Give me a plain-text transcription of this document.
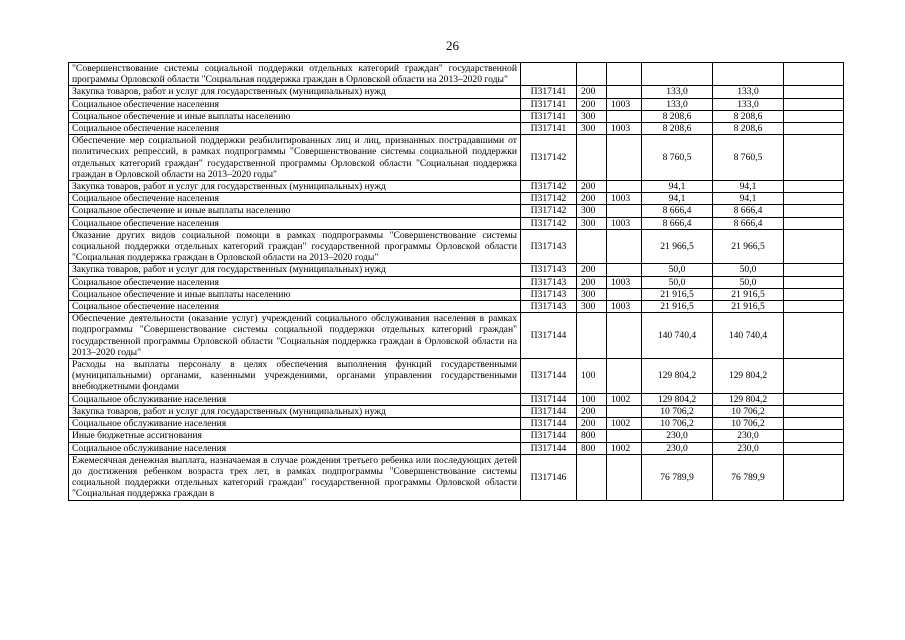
26
"Совершенствование системы социальной поддержки отдельных категорий граждан" государственной программы Орловской области "Социальная поддержка граждан в Орловской области на 2013–2020 годы"						
Закупка товаров, работ и услуг для государственных (муниципальных) нужд	П317141	200		133,0	133,0	
Социальное обеспечение населения	П317141	200	1003	133,0	133,0	
Социальное обеспечение и иные выплаты населению	П317141	300		8 208,6	8 208,6	
Социальное обеспечение населения	П317141	300	1003	8 208,6	8 208,6	
Обеспечение мер социальной поддержки реабилитированных лиц и лиц, признанных пострадавшими от политических репрессий, в рамках подпрограммы "Совершенствование системы социальной поддержки отдельных категорий граждан" государственной программы Орловской области "Социальная поддержка граждан в Орловской области на 2013–2020 годы"	П317142			8 760,5	8 760,5	
Закупка товаров, работ и услуг для государственных (муниципальных) нужд	П317142	200		94,1	94,1	
Социальное обеспечение населения	П317142	200	1003	94,1	94,1	
Социальное обеспечение и иные выплаты населению	П317142	300		8 666,4	8 666,4	
Социальное обеспечение населения	П317142	300	1003	8 666,4	8 666,4	
Оказание других видов социальной помощи в рамках подпрограммы "Совершенствование системы социальной поддержки отдельных категорий граждан" государственной программы Орловской области "Социальная поддержка граждан в Орловской области на 2013–2020 годы"	П317143			21 966,5	21 966,5	
Закупка товаров, работ и услуг для государственных (муниципальных) нужд	П317143	200		50,0	50,0	
Социальное обеспечение населения	П317143	200	1003	50,0	50,0	
Социальное обеспечение и иные выплаты населению	П317143	300		21 916,5	21 916,5	
Социальное обеспечение населения	П317143	300	1003	21 916,5	21 916,5	
Обеспечение деятельности (оказание услуг) учреждений социального обслуживания населения в рамках подпрограммы "Совершенствование системы социальной поддержки отдельных категорий граждан" государственной программы Орловской области "Социальная поддержка граждан в Орловской области на 2013–2020 годы"	П317144			140 740,4	140 740,4	
Расходы на выплаты персоналу в целях обеспечения выполнения функций государственными (муниципальными) органами, казенными учреждениями, органами управления государственными внебюджетными фондами	П317144	100		129 804,2	129 804,2	
Социальное обслуживание населения	П317144	100	1002	129 804,2	129 804,2	
Закупка товаров, работ и услуг для государственных (муниципальных) нужд	П317144	200		10 706,2	10 706,2	
Социальное обслуживание населения	П317144	200	1002	10 706,2	10 706,2	
Иные бюджетные ассигнования	П317144	800		230,0	230,0	
Социальное обслуживание населения	П317144	800	1002	230,0	230,0	
Ежемесячная денежная выплата, назначаемая в случае рождения третьего ребенка или последующих детей до достижения ребенком возраста трех лет, в рамках подпрограммы "Совершенствование системы социальной поддержки отдельных категорий граждан" государственной программы Орловской области "Социальная поддержка граждан в	П317146			76 789,9	76 789,9	
